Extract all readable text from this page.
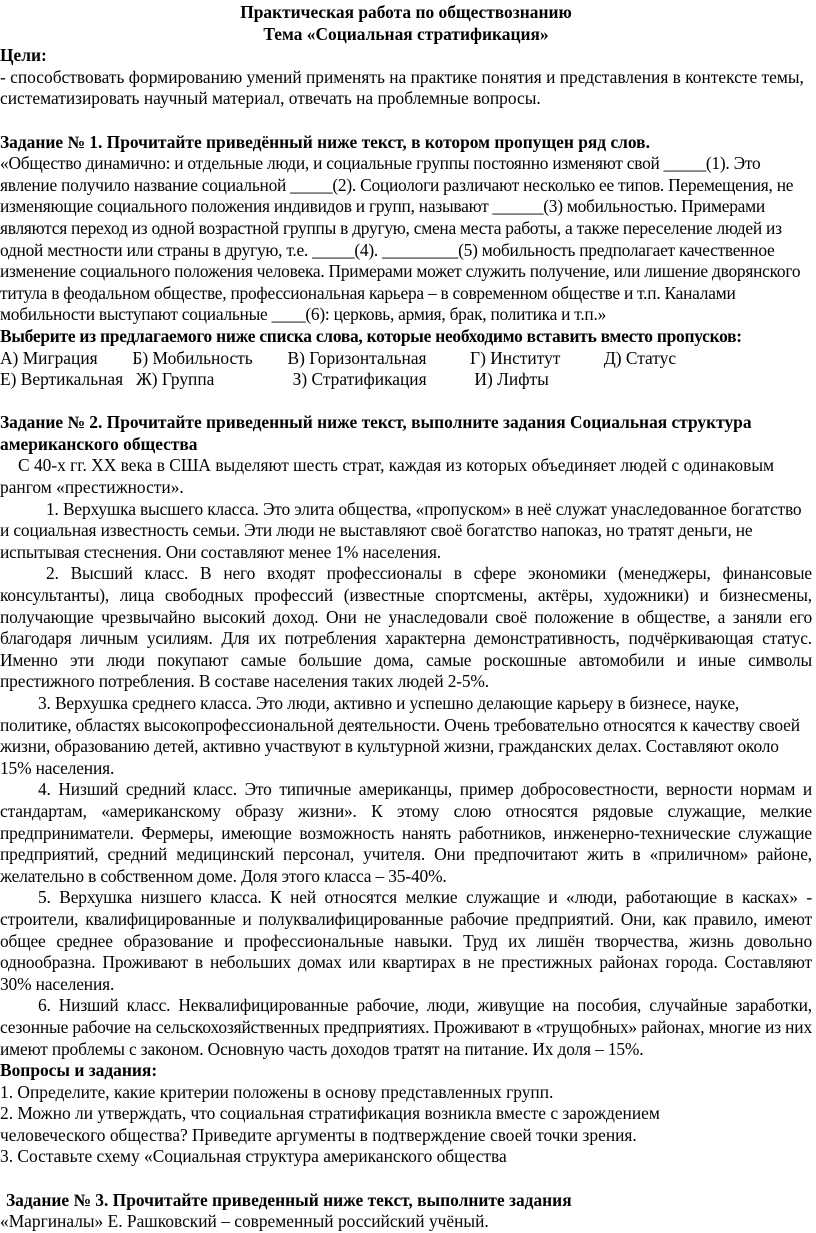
Практическая работа по обществознанию

Тема «Социальная стратификация»

Цели:

- способствовать формированию умений применять на практике понятия и представления в контексте темы, систематизировать научный материал, отвечать на проблемные вопросы.

Задание № 1. Прочитайте приведённый ниже текст, в котором пропущен ряд слов.

«Общество динамично: и отдельные люди, и социальные группы постоянно изменяют свой _____(1). Это явление получило название социальной _____(2). Социологи различают несколько ее типов. Перемещения, не изменяющие социального положения индивидов и групп, называют ______(3) мобильностью. Примерами являются переход из одной возрастной группы в другую, смена места работы, а также переселение людей из одной местности или страны в другую, т.е. _____(4). _________(5) мобильность предполагает качественное изменение социального положения человека. Примерами может служить получение, или лишение дворянского титула в феодальном обществе, профессиональная карьера – в современном обществе и т.п. Каналами мобильности выступают социальные ____(6): церковь, армия, брак, политика и т.п.»

Выберите из предлагаемого ниже списка слова, которые необходимо вставить вместо пропусков:

А) Миграция        Б) Мобильность        В) Горизонтальная          Г) Институт          Д) Статус

Е) Вертикальная   Ж) Группа                  З) Стратификация           И) Лифты

Задание № 2. Прочитайте приведенный ниже текст, выполните задания Социальная структура американского общества

С 40-х гг. XX века в США выделяют шесть страт, каждая из которых объединяет людей с одинаковым рангом «престижности».

1. Верхушка высшего класса. Это элита общества, «пропуском» в неё служат унаследованное богатство и социальная известность семьи. Эти люди не выставляют своё богатство напоказ, но тратят деньги, не испытывая стеснения. Они составляют менее 1% населения.

2. Высший класс. В него входят профессионалы в сфере экономики (менеджеры, финансовые консультанты), лица свободных профессий (известные спортсмены, актёры, художники) и бизнесмены, получающие чрезвычайно высокий доход. Они не унаследовали своё положение в обществе, а заняли его благодаря личным усилиям. Для их потребления характерна демонстративность, подчёркивающая статус. Именно эти люди покупают самые большие дома, самые роскошные автомобили и иные символы престижного потребления. В составе населения таких людей 2-5%.

3. Верхушка среднего класса. Это люди, активно и успешно делающие карьеру в бизнесе, науке, политике, областях высокопрофессиональной деятельности. Очень требовательно относятся к качеству своей жизни, образованию детей, активно участвуют в культурной жизни, гражданских делах. Составляют около 15% населения.

4. Низший средний класс. Это типичные американцы, пример добросовестности, верности нормам и стандартам, «американскому образу жизни». К этому слою относятся рядовые служащие, мелкие предприниматели. Фермеры, имеющие возможность нанять работников, инженерно-технические служащие предприятий, средний медицинский персонал, учителя. Они предпочитают жить в «приличном» районе, желательно в собственном доме. Доля этого класса – 35-40%.

5. Верхушка низшего класса. К ней относятся мелкие служащие и «люди, работающие в касках» - строители, квалифицированные и полуквалифицированные рабочие предприятий. Они, как правило, имеют общее среднее образование и профессиональные навыки. Труд их лишён творчества, жизнь довольно однообразна. Проживают в небольших домах или квартирах в не престижных районах города. Составляют 30% населения.

6. Низший класс. Неквалифицированные рабочие, люди, живущие на пособия, случайные заработки, сезонные рабочие на сельскохозяйственных предприятиях. Проживают в «трущобных» районах, многие из них имеют проблемы с законом. Основную часть доходов тратят на питание. Их доля – 15%.

Вопросы и задания:

1. Определите, какие критерии положены в основу представленных групп.

2. Можно ли утверждать, что социальная стратификация возникла вместе с зарождением человеческого общества? Приведите аргументы в подтверждение своей точки зрения.

3. Составьте схему «Социальная структура американского общества

Задание № 3. Прочитайте приведенный ниже текст, выполните задания

«Маргиналы» Е. Рашковский – современный российский учёный.
